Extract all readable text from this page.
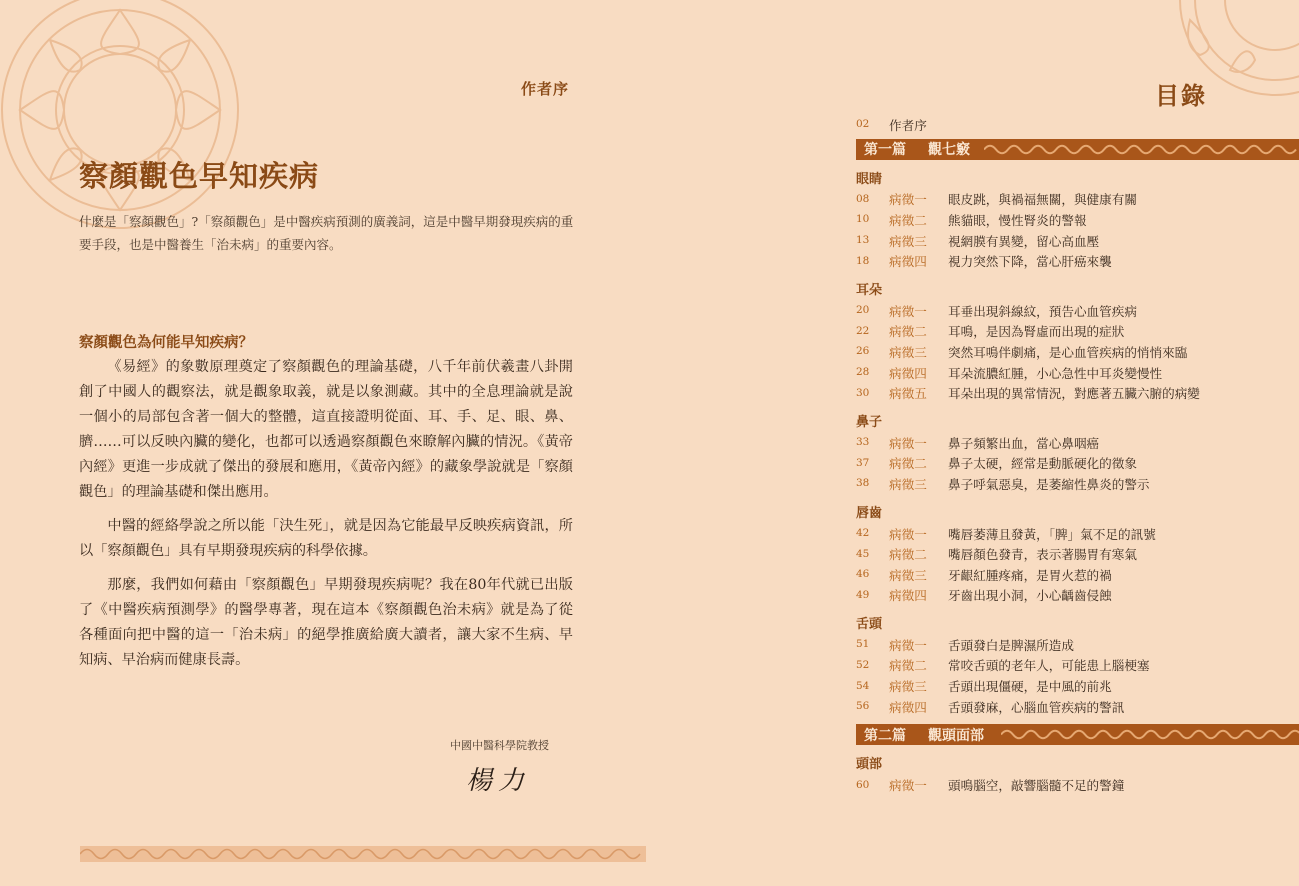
作者序
察顏觀色早知疾病
什麼是「察顏觀色」?「察顏觀色」是中醫疾病預測的廣義詞，這是中醫早期發現疾病的重要手段，也是中醫養生「治未病」的重要內容。
察顏觀色為何能早知疾病？

《易經》的象數原理奠定了察顏觀色的理論基礎，八千年前伏羲畫八卦開創了中國人的觀察法，就是觀象取義，就是以象測藏。其中的全息理論就是說一個小的局部包含著一個大的整體，這直接證明從面、耳、手、足、眼、鼻、臍……可以反映內臟的變化，也都可以透過察顏觀色來瞭解內臟的情況。《黃帝內經》更進一步成就了傑出的發展和應用，《黃帝內經》的藏象學說就是「察顏觀色」的理論基礎和傑出應用。

中醫的經絡學說之所以能「決生死」，就是因為它能最早反映疾病資訊，所以「察顏觀色」具有早期發現疾病的科學依據。

那麼，我們如何藉由「察顏觀色」早期發現疾病呢？我在80年代就已出版了《中醫疾病預測學》的醫學專著，現在這本《察顏觀色治未病》就是為了從各種面向把中醫的這一「治未病」的絕學推廣給廣大讀者，讓大家不生病、早知病、早治病而健康長壽。

中國中醫科學院教授
楊力
目錄
02	作者序
第一篇	觀七竅
眼睛
08	病徵一	眼皮跳，與禍福無關，與健康有關
10	病徵二	熊貓眼，慢性腎炎的警報
13	病徵三	視網膜有異變，留心高血壓
18	病徵四	視力突然下降，當心肝癌來襲
耳朵
20	病徵一	耳垂出現斜線紋，預告心血管疾病
22	病徵二	耳鳴，是因為腎虛而出現的症狀
26	病徵三	突然耳鳴伴劇痛，是心血管疾病的悄悄來臨
28	病徵四	耳朵流膿紅腫，小心急性中耳炎變慢性
30	病徵五	耳朵出現的異常情況，對應著五臟六腑的病變
鼻子
33	病徵一	鼻子頻繁出血，當心鼻咽癌
37	病徵二	鼻子太硬，經常是動脈硬化的徵象
38	病徵三	鼻子呼氣惡臭，是萎縮性鼻炎的警示
唇齒
42	病徵一	嘴唇萎薄且發黃，「脾」氣不足的訊號
45	病徵二	嘴唇顏色發青，表示著腸胃有寒氣
46	病徵三	牙齦紅腫疼痛，是胃火惹的禍
49	病徵四	牙齒出現小洞，小心齲齒侵蝕
舌頭
51	病徵一	舌頭發白是脾濕所造成
52	病徵二	常咬舌頭的老年人，可能患上腦梗塞
54	病徵三	舌頭出現僵硬，是中風的前兆
56	病徵四	舌頭發麻，心腦血管疾病的警訊
第二篇	觀頭面部
頭部
60	病徵一	頭鳴腦空，敲響腦髓不足的警鐘
